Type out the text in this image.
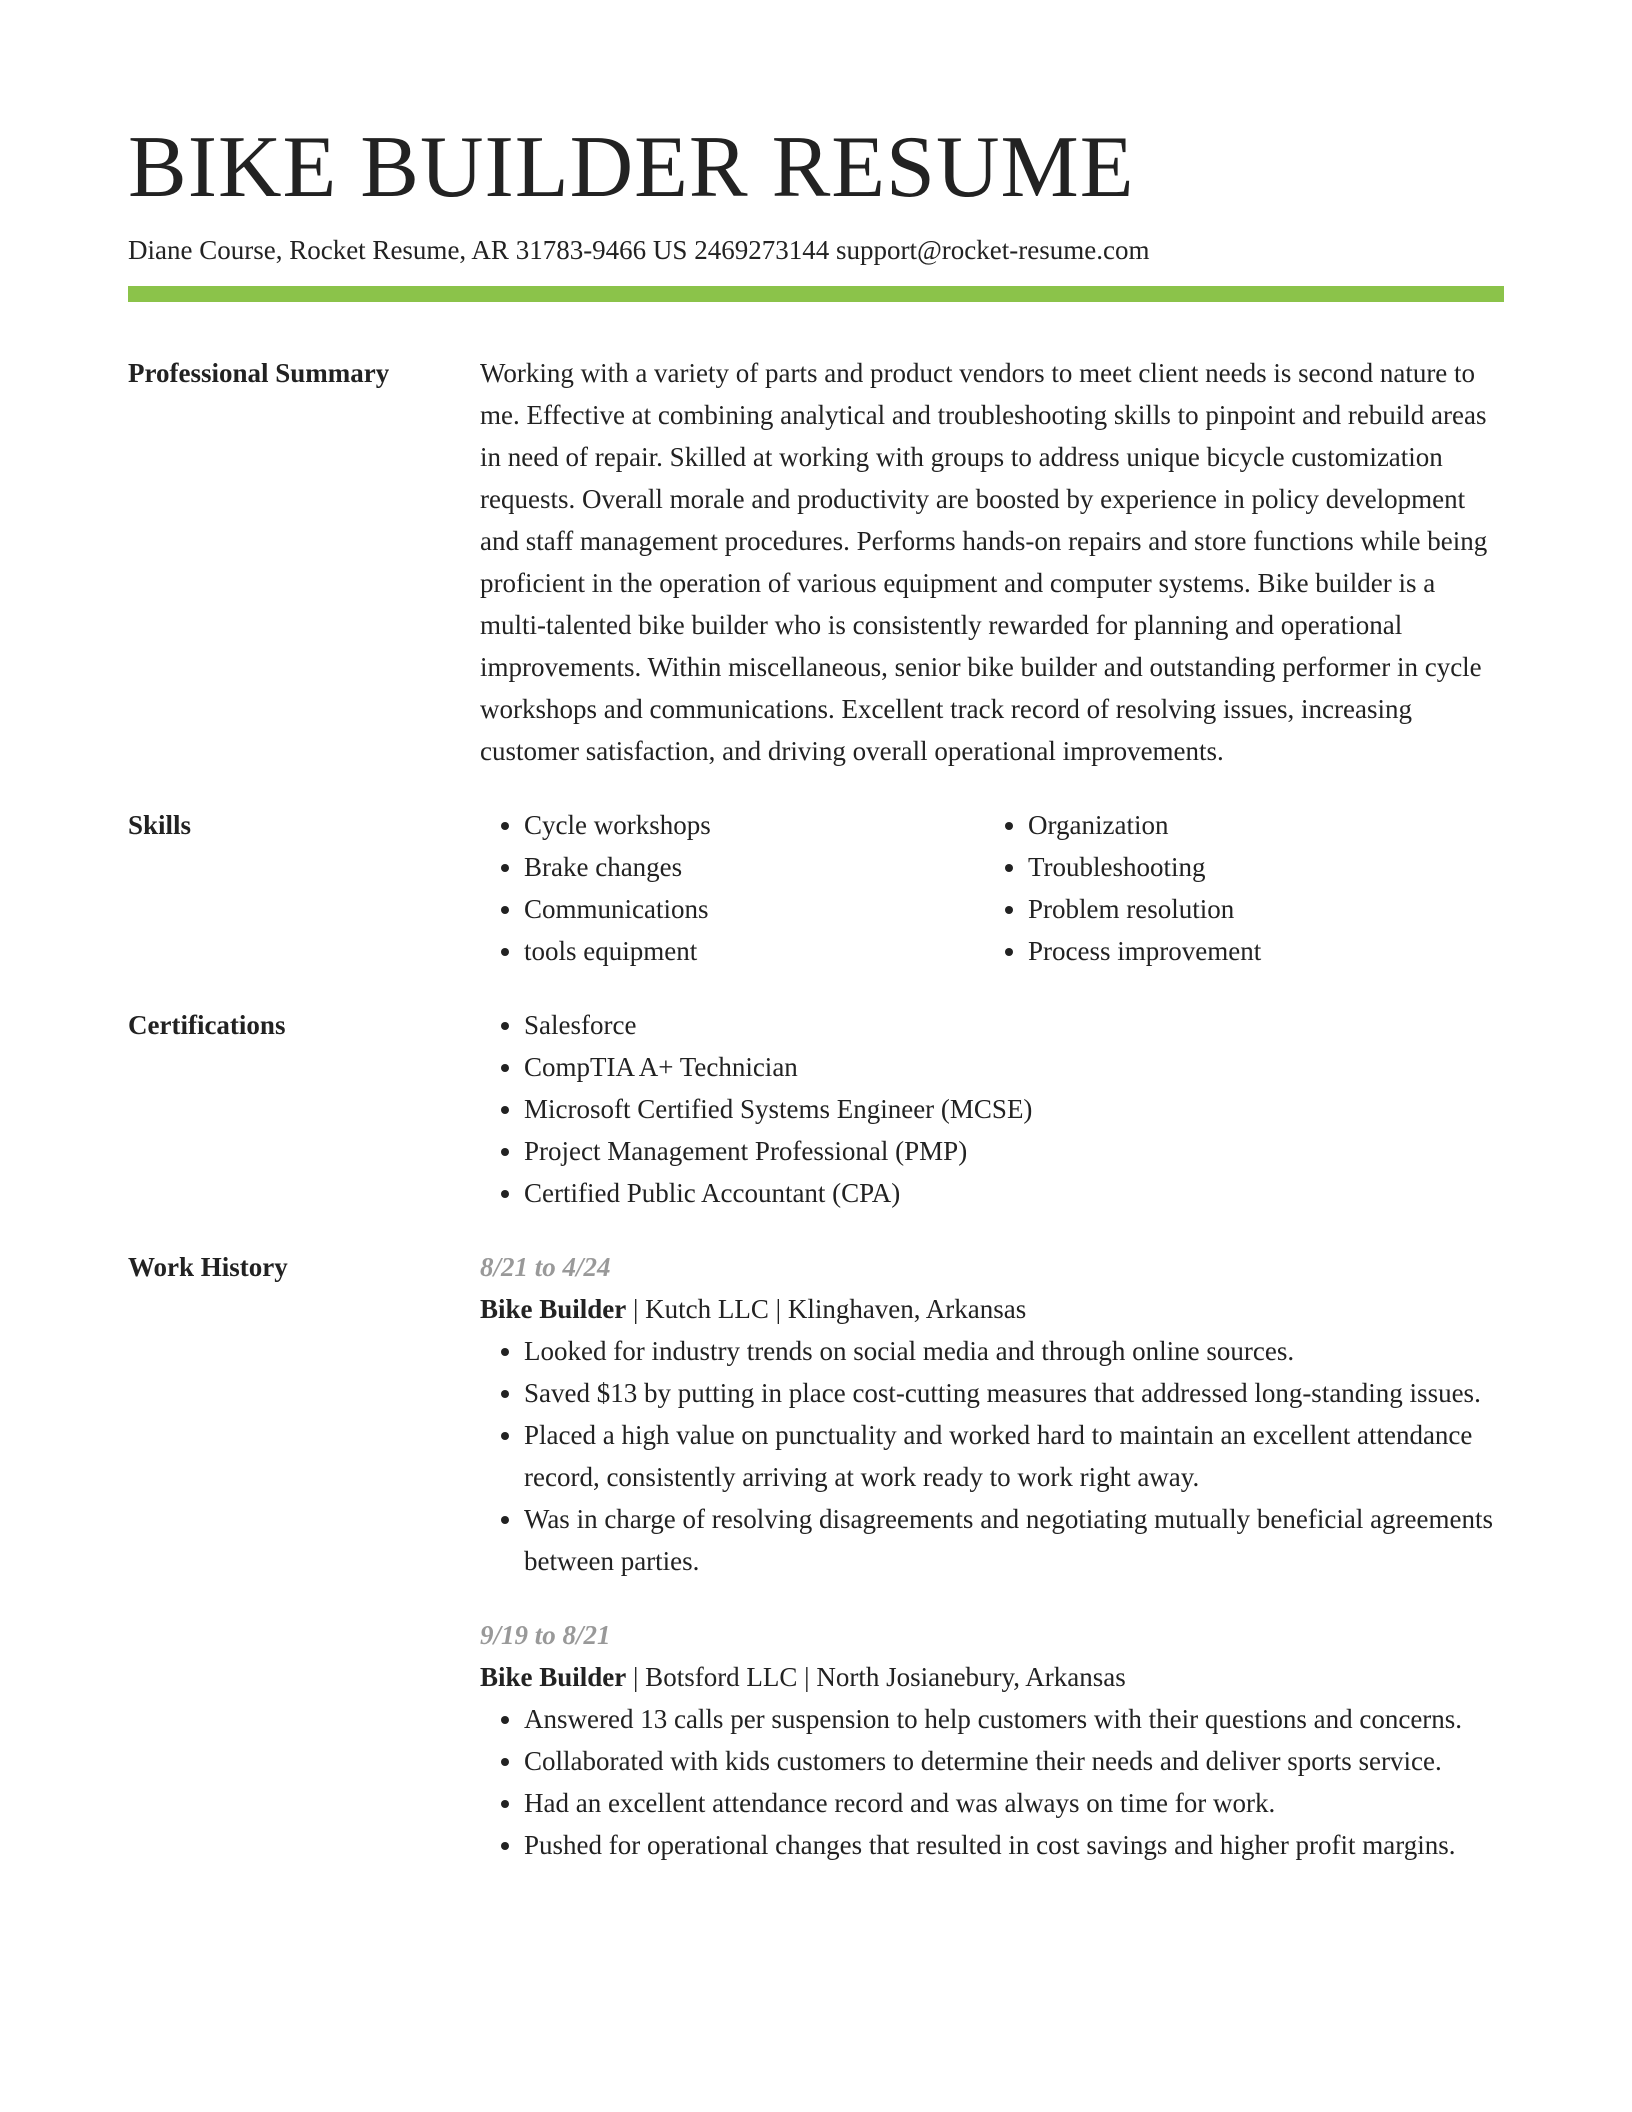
BIKE BUILDER RESUME
Diane Course, Rocket Resume, AR 31783-9466 US 2469273144 support@rocket-resume.com
Professional Summary	Working with a variety of parts and product vendors to meet client needs is second nature to me. Effective at combining analytical and troubleshooting skills to pinpoint and rebuild areas in need of repair. Skilled at working with groups to address unique bicycle customization requests. Overall morale and productivity are boosted by experience in policy development and staff management procedures. Performs hands-on repairs and store functions while being proficient in the operation of various equipment and computer systems. Bike builder is a multi-talented bike builder who is consistently rewarded for planning and operational improvements. Within miscellaneous, senior bike builder and outstanding performer in cycle workshops and communications. Excellent track record of resolving issues, increasing customer satisfaction, and driving overall operational improvements.

Skills	• Cycle workshops
• Brake changes
• Communications
• tools equipment
• Organization
• Troubleshooting
• Problem resolution
• Process improvement
Certifications	• Salesforce
• CompTIA A+ Technician
• Microsoft Certified Systems Engineer (MCSE)
• Project Management Professional (PMP)
• Certified Public Accountant (CPA)
Work History	8/21 to 4/24
Bike Builder | Kutch LLC | Klinghaven, Arkansas
• Looked for industry trends on social media and through online sources.
• Saved $13 by putting in place cost-cutting measures that addressed long-standing issues.
• Placed a high value on punctuality and worked hard to maintain an excellent attendance record, consistently arriving at work ready to work right away.
• Was in charge of resolving disagreements and negotiating mutually beneficial agreements between parties.
9/19 to 8/21
Bike Builder | Botsford LLC | North Josianebury, Arkansas
• Answered 13 calls per suspension to help customers with their questions and concerns.
• Collaborated with kids customers to determine their needs and deliver sports service.
• Had an excellent attendance record and was always on time for work.
• Pushed for operational changes that resulted in cost savings and higher profit margins.
